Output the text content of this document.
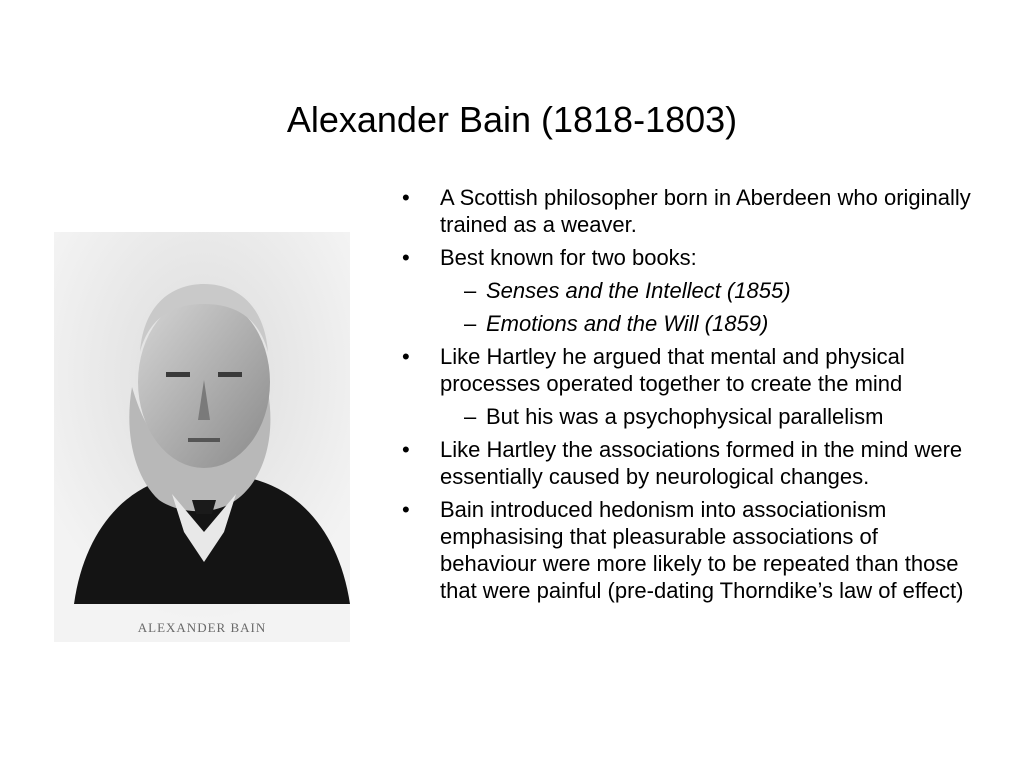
Alexander Bain (1818-1803)
ALEXANDER BAIN
• A Scottish philosopher born in Aberdeen who originally trained as a weaver.
• Best known for two books:
– Senses and the Intellect (1855)
– Emotions and the Will (1859)
• Like Hartley he argued that mental and physical processes operated together to create the mind
– But his was a psychophysical parallelism
• Like Hartley the associations formed in the mind were essentially caused by neurological changes.
• Bain introduced hedonism into associationism emphasising that pleasurable associations of behaviour were more likely to be repeated than those that were painful (pre-dating Thorndike’s law of effect)
